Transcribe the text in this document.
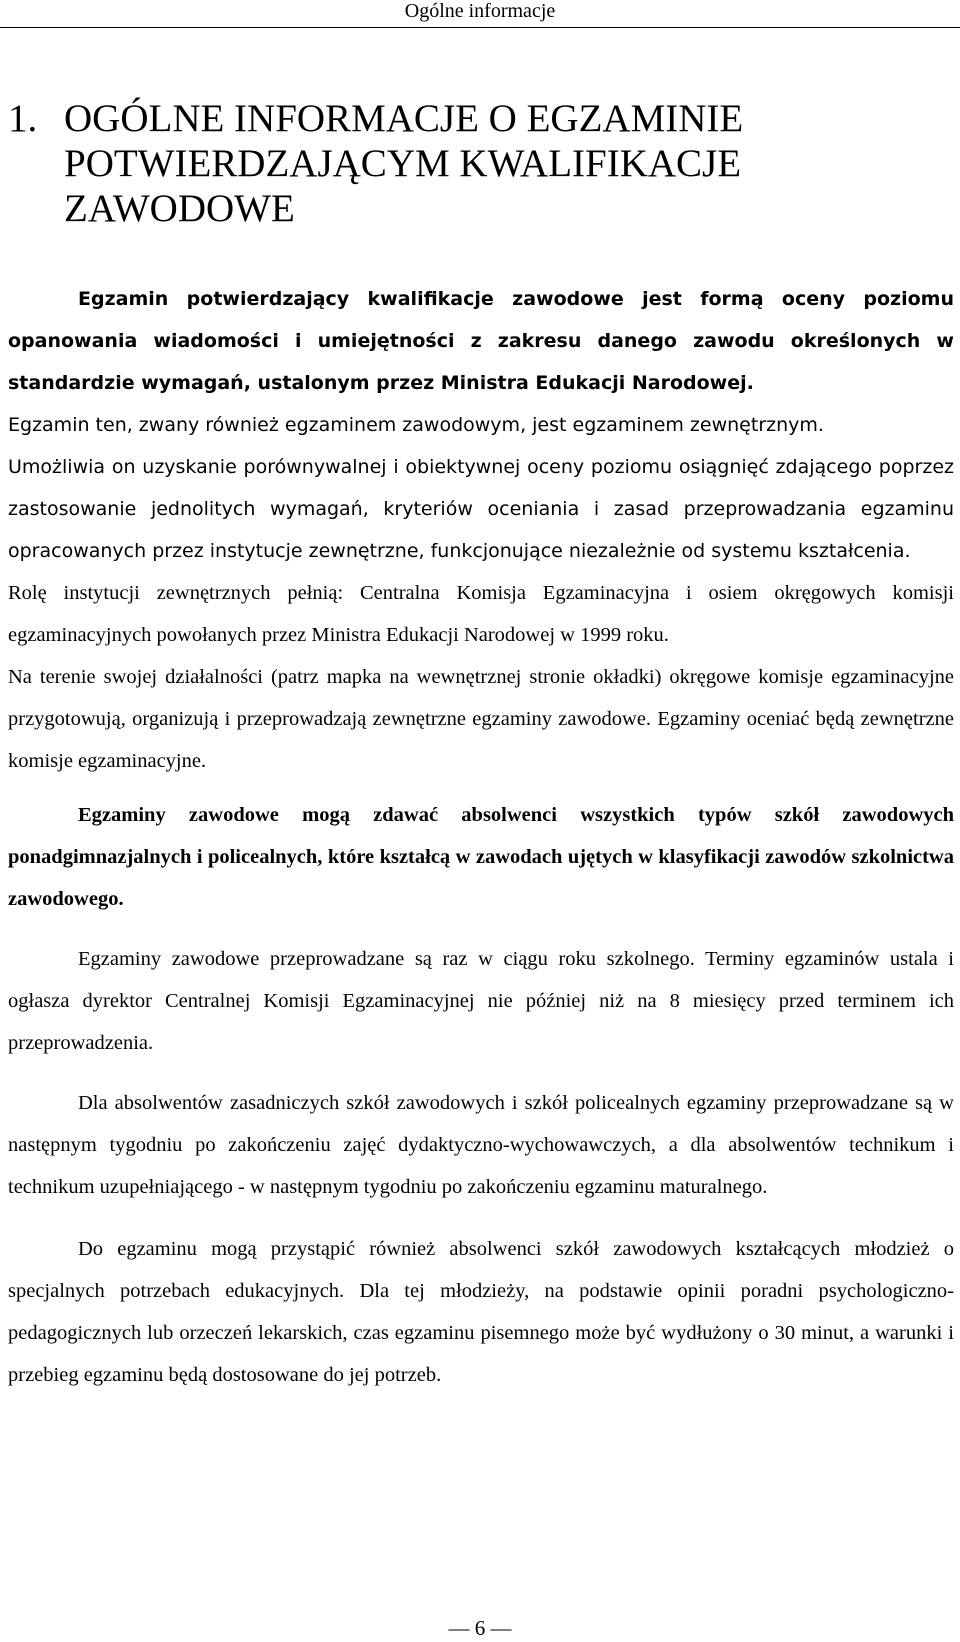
Ogólne informacje
1. OGÓLNE INFORMACJE O EGZAMINIE POTWIERDZAJĄCYM KWALIFIKACJE ZAWODOWE

Egzamin potwierdzający kwalifikacje zawodowe jest formą oceny poziomu opanowania wiadomości i umiejętności z zakresu danego zawodu określonych w standardzie wymagań, ustalonym przez Ministra Edukacji Narodowej.

Egzamin ten, zwany również egzaminem zawodowym, jest egzaminem zewnętrznym.

Umożliwia on uzyskanie porównywalnej i obiektywnej oceny poziomu osiągnięć zdającego poprzez zastosowanie jednolitych wymagań, kryteriów oceniania i zasad przeprowadzania egzaminu opracowanych przez instytucje zewnętrzne, funkcjonujące niezależnie od systemu kształcenia.

Rolę instytucji zewnętrznych pełnią: Centralna Komisja Egzaminacyjna i osiem okręgowych komisji egzaminacyjnych powołanych przez Ministra Edukacji Narodowej w 1999 roku.

Na terenie swojej działalności (patrz mapka na wewnętrznej stronie okładki) okręgowe komisje egzaminacyjne przygotowują, organizują i przeprowadzają zewnętrzne egzaminy zawodowe. Egzaminy oceniać będą zewnętrzne komisje egzaminacyjne.

Egzaminy zawodowe mogą zdawać absolwenci wszystkich typów szkół zawodowych ponadgimnazjalnych i policealnych, które kształcą w zawodach ujętych w klasyfikacji zawodów szkolnictwa zawodowego.

Egzaminy zawodowe przeprowadzane są raz w ciągu roku szkolnego. Terminy egzaminów ustala i ogłasza dyrektor Centralnej Komisji Egzaminacyjnej nie później niż na 8 miesięcy przed terminem ich przeprowadzenia.

Dla absolwentów zasadniczych szkół zawodowych i szkół policealnych egzaminy przeprowadzane są w następnym tygodniu po zakończeniu zajęć dydaktyczno-wychowawczych, a dla absolwentów technikum i technikum uzupełniającego - w następnym tygodniu po zakończeniu egzaminu maturalnego.

Do egzaminu mogą przystąpić również absolwenci szkół zawodowych kształcących młodzież o specjalnych potrzebach edukacyjnych. Dla tej młodzieży, na podstawie opinii poradni psychologiczno-pedagogicznych lub orzeczeń lekarskich, czas egzaminu pisemnego może być wydłużony o 30 minut, a warunki i przebieg egzaminu będą dostosowane do jej potrzeb.

— 6 —
